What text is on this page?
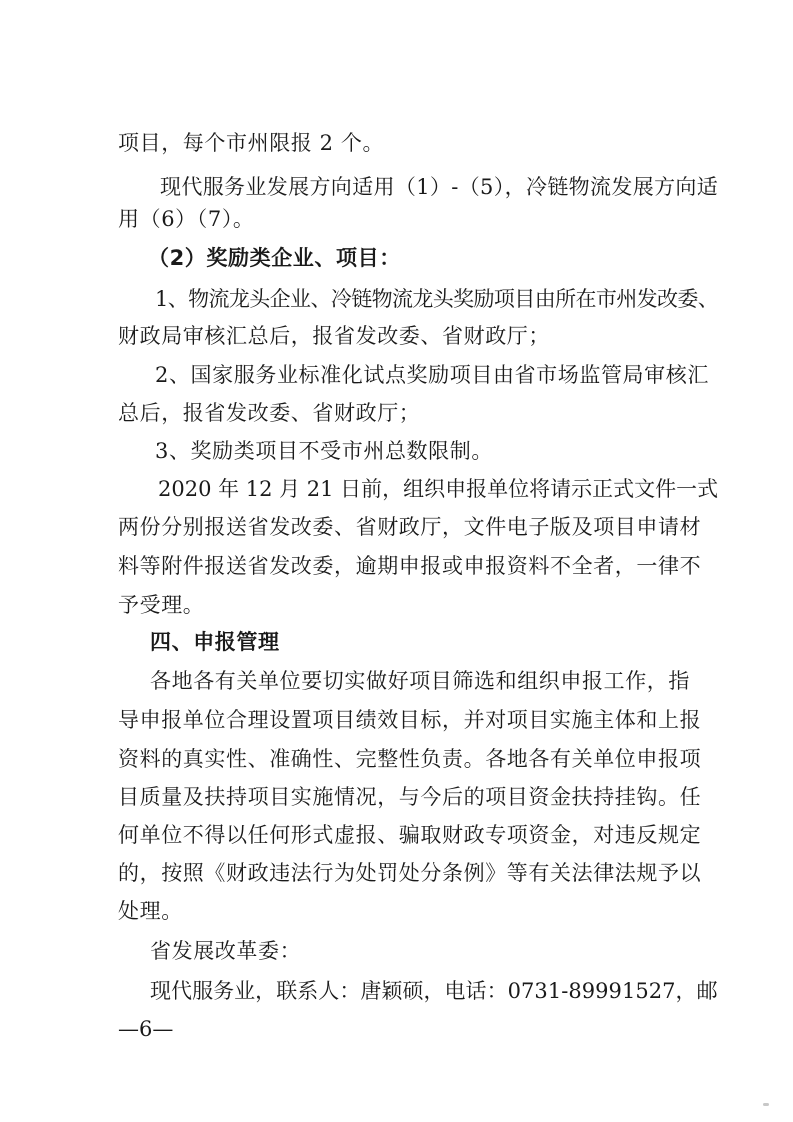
项目，每个市州限报 2 个。
现代服务业发展方向适用（1）-（5），冷链物流发展方向适
用（6）（7）。
（2）奖励类企业、项目：
1、物流龙头企业、冷链物流龙头奖励项目由所在市州发改委、
财政局审核汇总后，报省发改委、省财政厅；
2、国家服务业标准化试点奖励项目由省市场监管局审核汇
总后，报省发改委、省财政厅；
3、奖励类项目不受市州总数限制。
2020 年 12 月 21 日前，组织申报单位将请示正式文件一式
两份分别报送省发改委、省财政厅，文件电子版及项目申请材
料等附件报送省发改委，逾期申报或申报资料不全者，一律不
予受理。
四、申报管理
各地各有关单位要切实做好项目筛选和组织申报工作，指
导申报单位合理设置项目绩效目标，并对项目实施主体和上报
资料的真实性、准确性、完整性负责。各地各有关单位申报项
目质量及扶持项目实施情况，与今后的项目资金扶持挂钩。任
何单位不得以任何形式虚报、骗取财政专项资金，对违反规定
的，按照《财政违法行为处罚处分条例》等有关法律法规予以
处理。
省发展改革委：
现代服务业，联系人：唐颖硕，电话：0731-89991527，邮
—6—
